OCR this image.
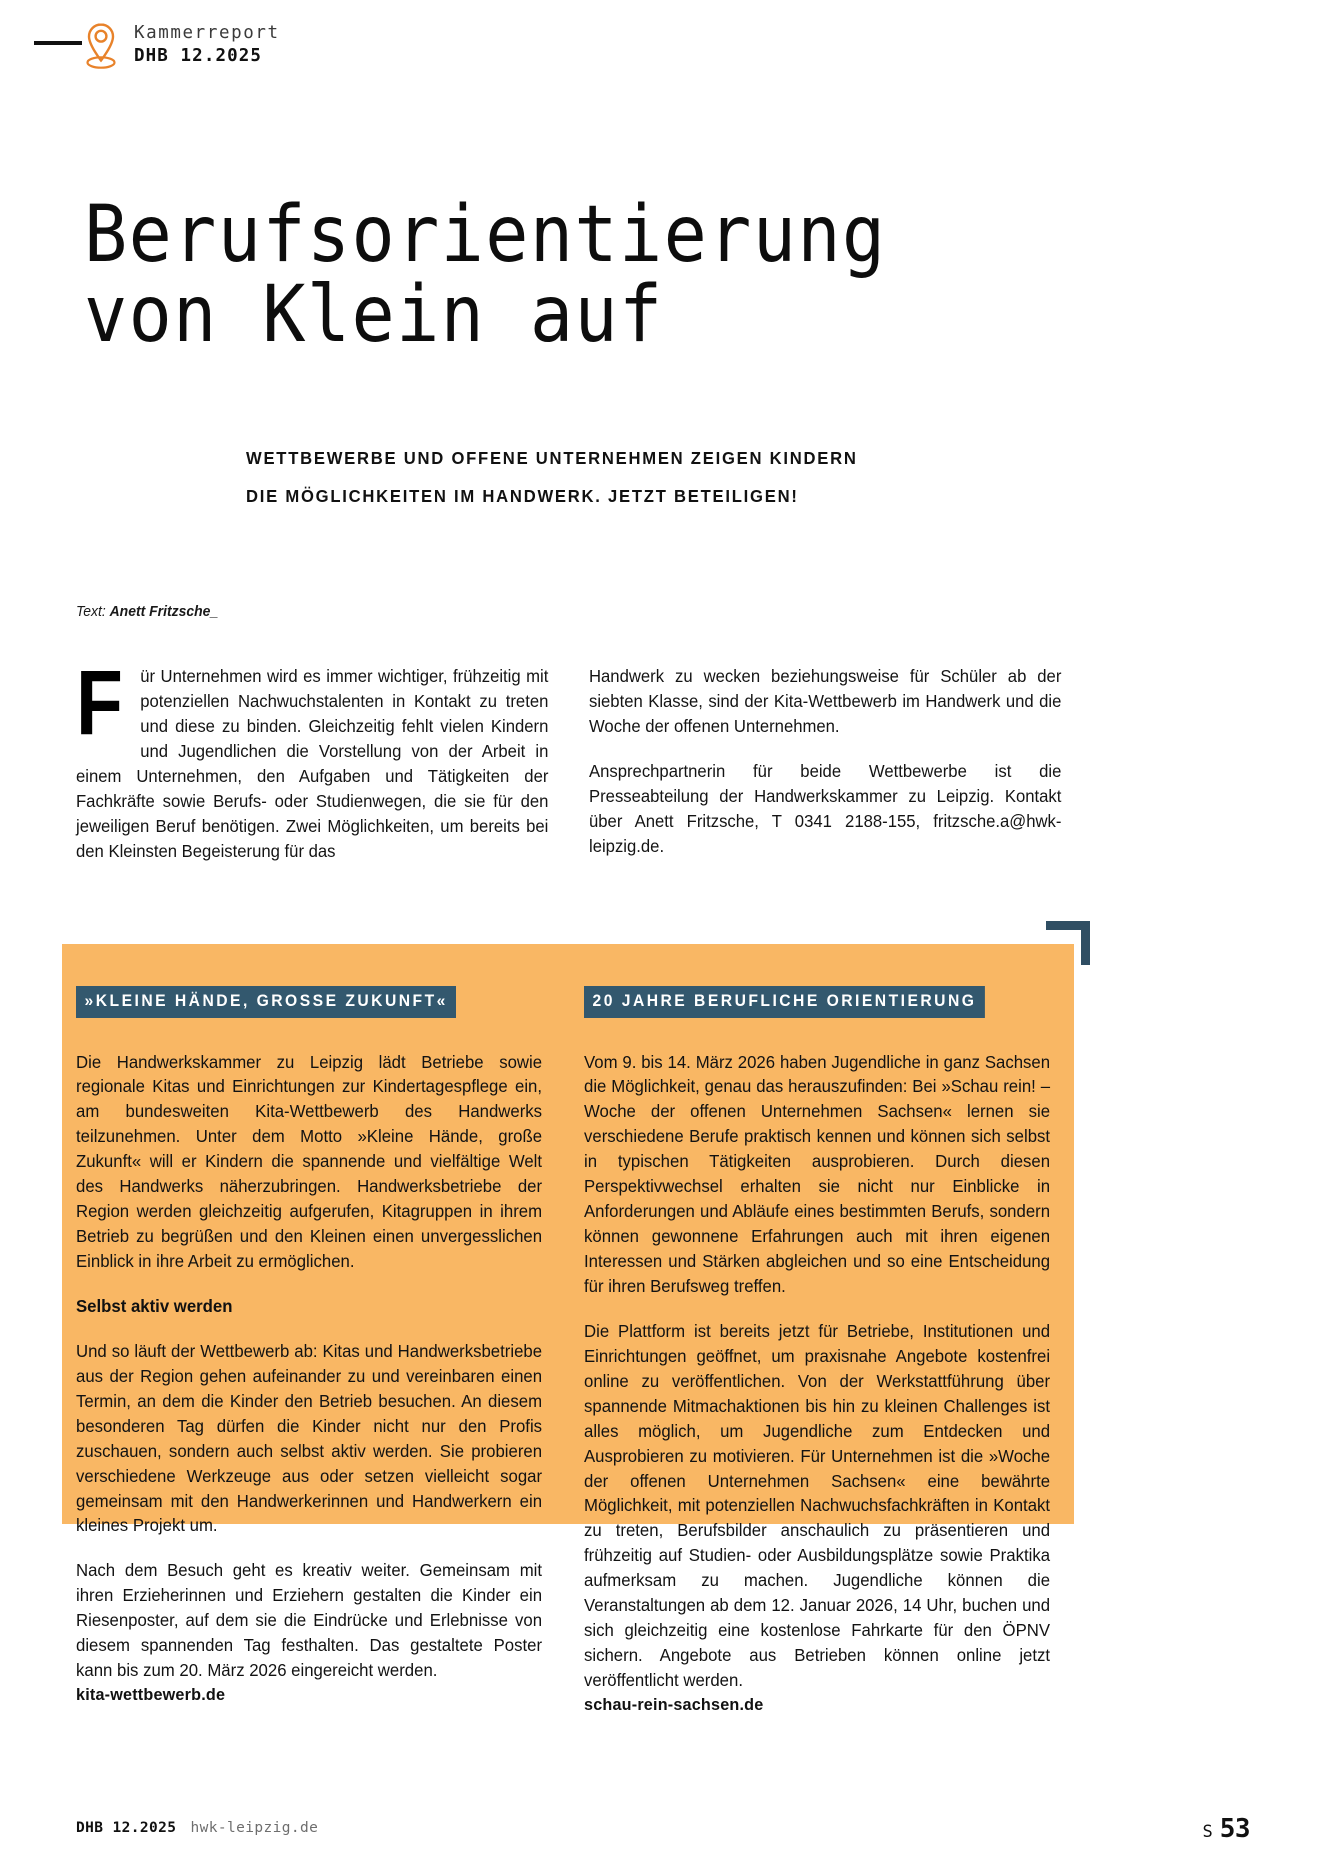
Kammerreport
DHB 12.2025
Berufsorientierung
von Klein auf
WETTBEWERBE UND OFFENE UNTERNEHMEN ZEIGEN KINDERN
DIE MÖGLICHKEITEN IM HANDWERK. JETZT BETEILIGEN!
Text: Anett Fritzsche_
F	ür Unternehmen wird es immer wichtiger, frühzeitig mit potenziellen Nachwuchstalenten in Kontakt zu treten und diese zu binden. Gleichzeitig fehlt vielen Kindern und Jugendlichen die Vorstellung von der Arbeit in einem Unternehmen, den Aufgaben und Tätigkeiten der Fachkräfte sowie Berufs- oder Studienwegen, die sie für den jeweiligen Beruf benötigen. Zwei Möglichkeiten, um bereits bei den Kleinsten Begeisterung für das

Handwerk zu wecken beziehungsweise für Schüler ab der siebten Klasse, sind der Kita-Wettbewerb im Handwerk und die Woche der offenen Unternehmen.

Ansprechpartnerin für beide Wettbewerbe ist die Presseabteilung der Handwerkskammer zu Leipzig. Kontakt über Anett Fritzsche, T 0341 2188-155, fritzsche.a@hwk-leipzig.de.

»KLEINE HÄNDE, GROSSE ZUKUNFT«

Die Handwerkskammer zu Leipzig lädt Betriebe sowie regionale Kitas und Einrichtungen zur Kindertagespflege ein, am bundesweiten Kita-Wettbewerb des Handwerks teilzunehmen. Unter dem Motto »Kleine Hände, große Zukunft« will er Kindern die spannende und vielfältige Welt des Handwerks näherzubringen. Handwerksbetriebe der Region werden gleichzeitig aufgerufen, Kitagruppen in ihrem Betrieb zu begrüßen und den Kleinen einen unvergesslichen Einblick in ihre Arbeit zu ermöglichen.

Selbst aktiv werden

Und so läuft der Wettbewerb ab: Kitas und Handwerksbetriebe aus der Region gehen aufeinander zu und vereinbaren einen Termin, an dem die Kinder den Betrieb besuchen. An diesem besonderen Tag dürfen die Kinder nicht nur den Profis zuschauen, sondern auch selbst aktiv werden. Sie probieren verschiedene Werkzeuge aus oder setzen vielleicht sogar gemeinsam mit den Handwerkerinnen und Handwerkern ein kleines Projekt um.

Nach dem Besuch geht es kreativ weiter. Gemeinsam mit ihren Erzieherinnen und Erziehern gestalten die Kinder ein Riesenposter, auf dem sie die Eindrücke und Erlebnisse von diesem spannenden Tag festhalten. Das gestaltete Poster kann bis zum 20. März 2026 eingereicht werden.

kita-wettbewerb.de

20 JAHRE BERUFLICHE ORIENTIERUNG

Vom 9. bis 14. März 2026 haben Jugendliche in ganz Sachsen die Möglichkeit, genau das herauszufinden: Bei »Schau rein! – Woche der offenen Unternehmen Sachsen« lernen sie verschiedene Berufe praktisch kennen und können sich selbst in typischen Tätigkeiten ausprobieren. Durch diesen Perspektivwechsel erhalten sie nicht nur Einblicke in Anforderungen und Abläufe eines bestimmten Berufs, sondern können gewonnene Erfahrungen auch mit ihren eigenen Interessen und Stärken abgleichen und so eine Entscheidung für ihren Berufsweg treffen.

Die Plattform ist bereits jetzt für Betriebe, Institutionen und Einrichtungen geöffnet, um praxisnahe Angebote kostenfrei online zu veröffentlichen. Von der Werkstattführung über spannende Mitmachaktionen bis hin zu kleinen Challenges ist alles möglich, um Jugendliche zum Entdecken und Ausprobieren zu motivieren. Für Unternehmen ist die »Woche der offenen Unternehmen Sachsen« eine bewährte Möglichkeit, mit potenziellen Nachwuchsfachkräften in Kontakt zu treten, Berufsbilder anschaulich zu präsentieren und frühzeitig auf Studien- oder Ausbildungsplätze sowie Praktika aufmerksam zu machen. Jugendliche können die Veranstaltungen ab dem 12. Januar 2026, 14 Uhr, buchen und sich gleichzeitig eine kostenlose Fahrkarte für den ÖPNV sichern. Angebote aus Betrieben können online jetzt veröffentlicht werden.

schau-rein-sachsen.de

DHB 12.2025 hwk-leipzig.de	S 53
